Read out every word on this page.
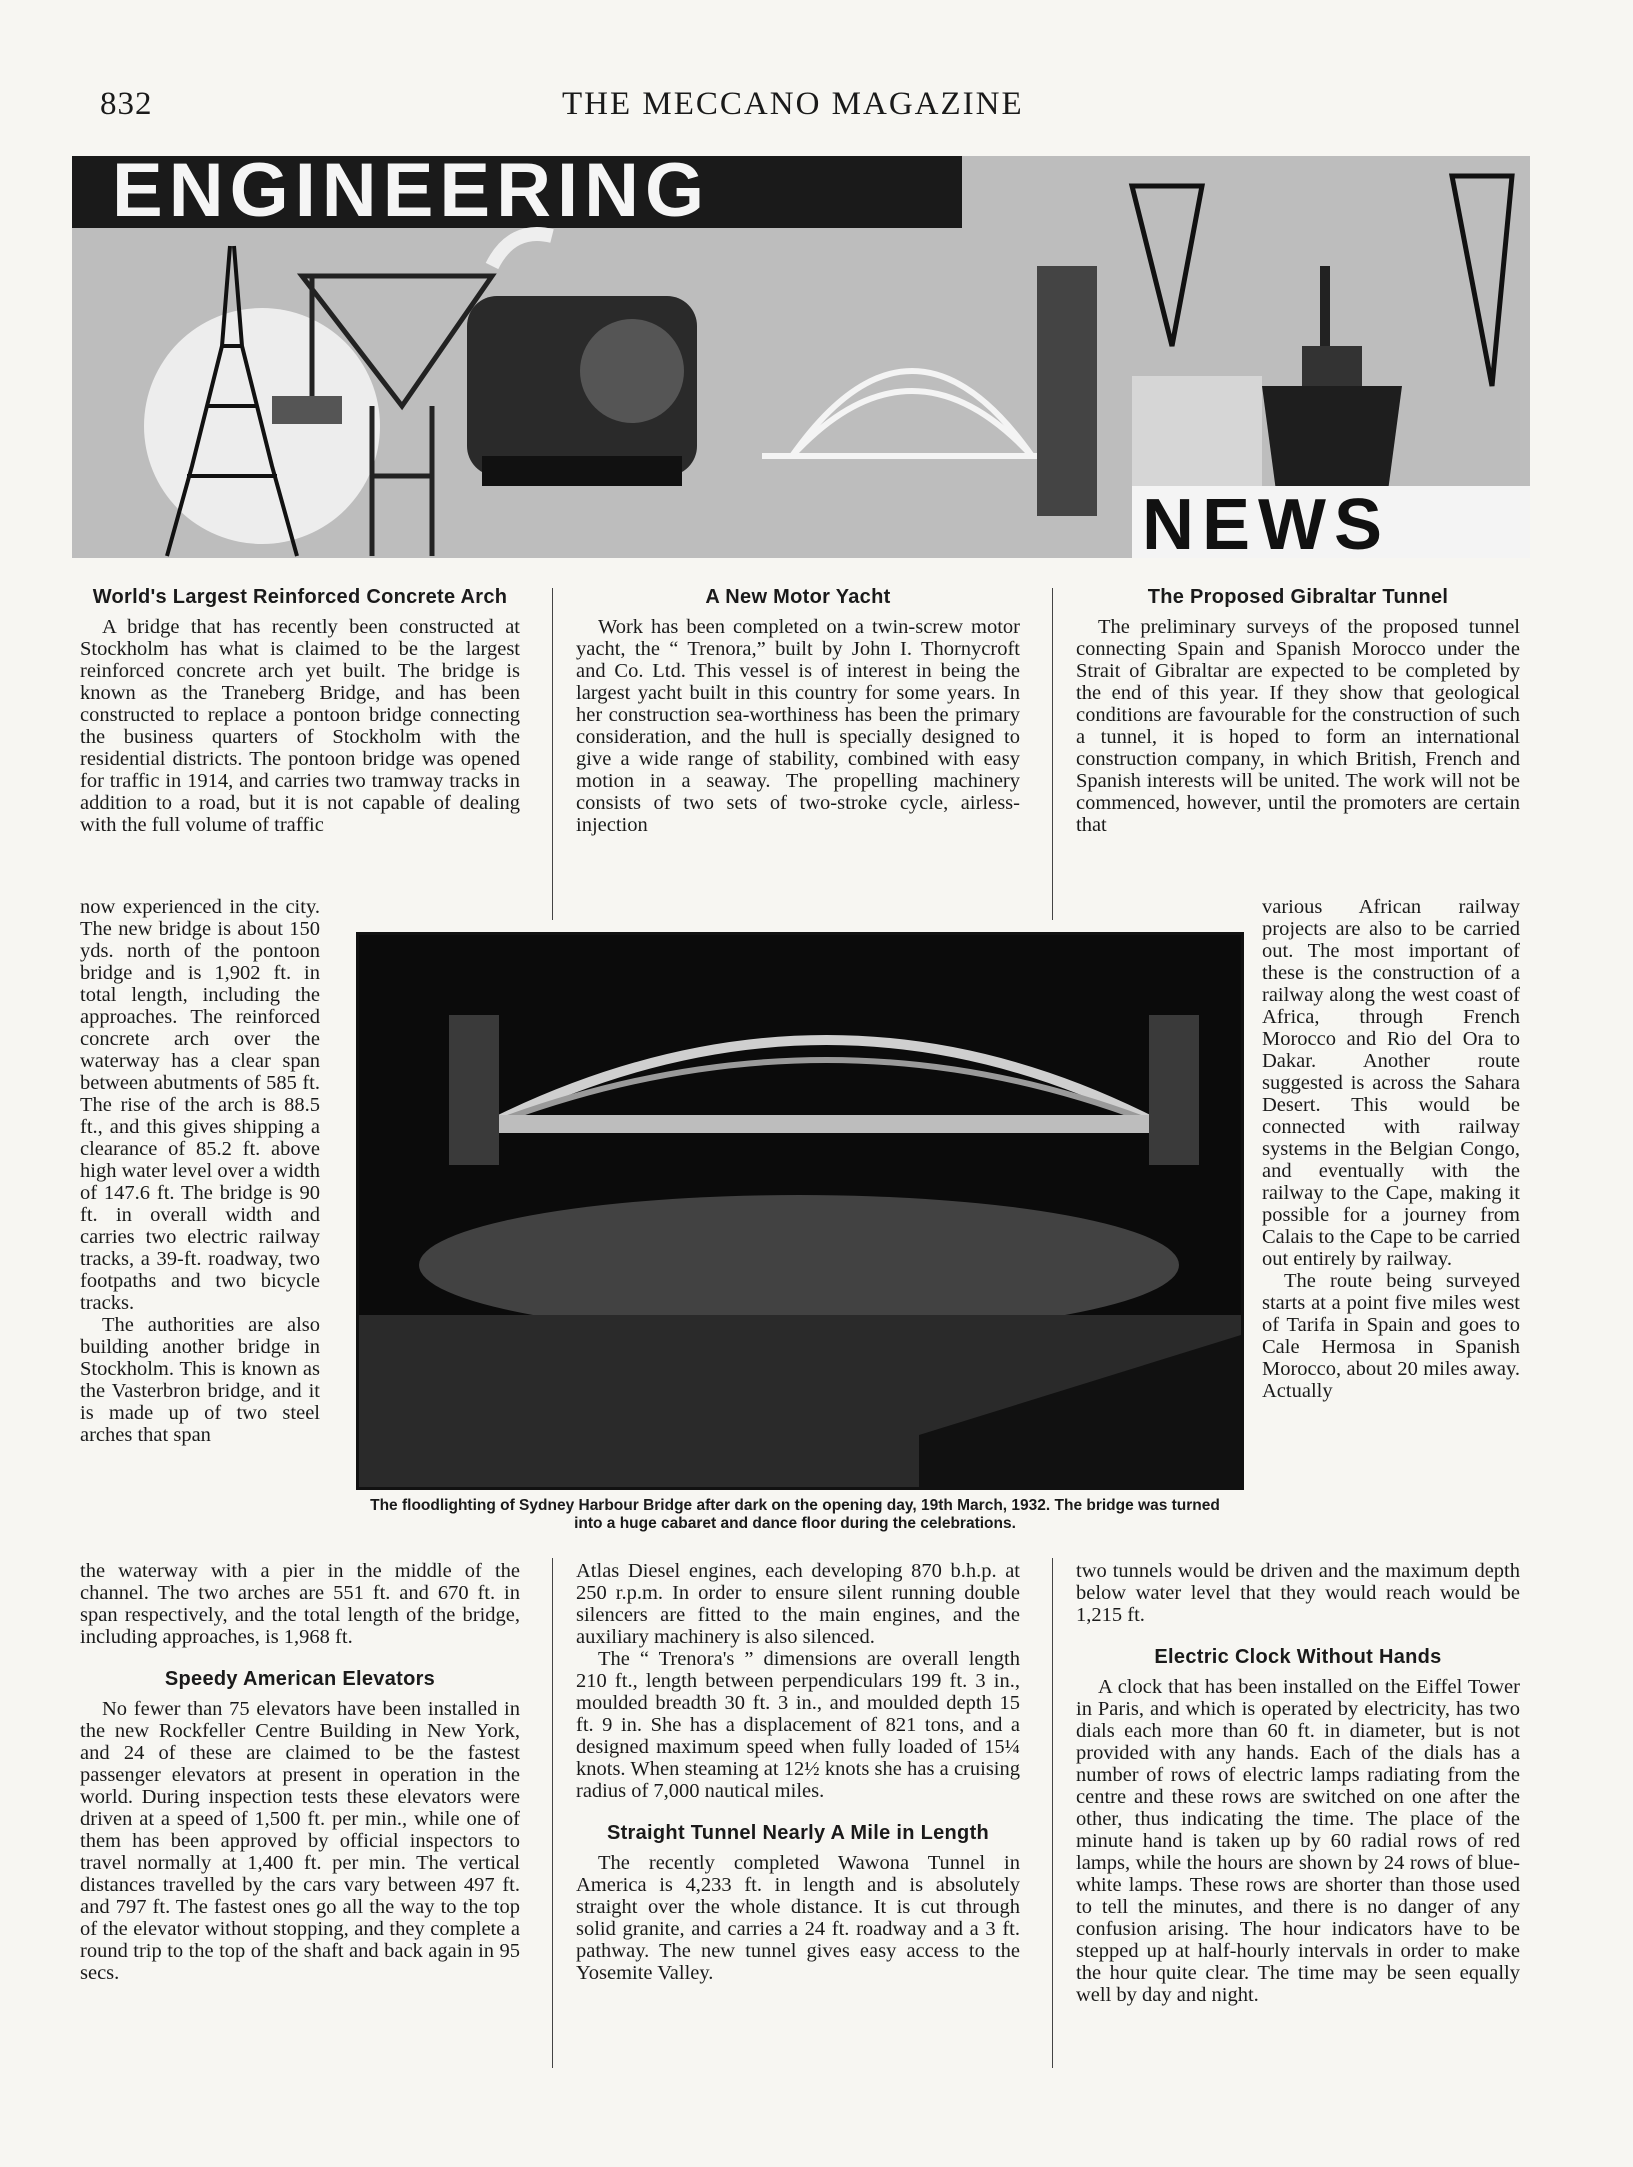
832	THE MECCANO MAGAZINE
ENGINEERING
NEWS
World's Largest Reinforced Concrete Arch

A bridge that has recently been constructed at Stockholm has what is claimed to be the largest reinforced concrete arch yet built. The bridge is known as the Traneberg Bridge, and has been constructed to replace a pontoon bridge connecting the business quarters of Stockholm with the residential districts. The pontoon bridge was opened for traffic in 1914, and carries two tramway tracks in addition to a road, but it is not capable of dealing with the full volume of traffic

now experienced in the city. The new bridge is about 150 yds. north of the pontoon bridge and is 1,902 ft. in total length, including the approaches. The reinforced concrete arch over the waterway has a clear span between abutments of 585 ft. The rise of the arch is 88.5 ft., and this gives shipping a clearance of 85.2 ft. above high water level over a width of 147.6 ft. The bridge is 90 ft. in overall width and carries two electric railway tracks, a 39-ft. roadway, two footpaths and two bicycle tracks.

The authorities are also building another bridge in Stockholm. This is known as the Vasterbron bridge, and it is made up of two steel arches that span

the waterway with a pier in the middle of the channel. The two arches are 551 ft. and 670 ft. in span respectively, and the total length of the bridge, including approaches, is 1,968 ft.

Speedy American Elevators

No fewer than 75 elevators have been installed in the new Rockfeller Centre Building in New York, and 24 of these are claimed to be the fastest passenger elevators at present in operation in the world. During inspection tests these elevators were driven at a speed of 1,500 ft. per min., while one of them has been approved by official inspectors to travel normally at 1,400 ft. per min. The vertical distances travelled by the cars vary between 497 ft. and 797 ft. The fastest ones go all the way to the top of the elevator without stopping, and they complete a round trip to the top of the shaft and back again in 95 secs.

A New Motor Yacht

Work has been completed on a twin-screw motor yacht, the “ Trenora,” built by John I. Thornycroft and Co. Ltd. This vessel is of interest in being the largest yacht built in this country for some years. In her construction sea-worthiness has been the primary consideration, and the hull is specially designed to give a wide range of stability, combined with easy motion in a seaway. The propelling machinery consists of two sets of two-stroke cycle, airless-injection

Atlas Diesel engines, each developing 870 b.h.p. at 250 r.p.m. In order to ensure silent running double silencers are fitted to the main engines, and the auxiliary machinery is also silenced.

The “ Trenora's ” dimensions are overall length 210 ft., length between perpendiculars 199 ft. 3 in., moulded breadth 30 ft. 3 in., and moulded depth 15 ft. 9 in. She has a displacement of 821 tons, and a designed maximum speed when fully loaded of 15¼ knots. When steaming at 12½ knots she has a cruising radius of 7,000 nautical miles.

Straight Tunnel Nearly A Mile in Length

The recently completed Wawona Tunnel in America is 4,233 ft. in length and is absolutely straight over the whole distance. It is cut through solid granite, and carries a 24 ft. roadway and a 3 ft. pathway. The new tunnel gives easy access to the Yosemite Valley.

The Proposed Gibraltar Tunnel

The preliminary surveys of the proposed tunnel connecting Spain and Spanish Morocco under the Strait of Gibraltar are expected to be completed by the end of this year. If they show that geological conditions are favourable for the construction of such a tunnel, it is hoped to form an international construction company, in which British, French and Spanish interests will be united. The work will not be commenced, however, until the promoters are certain that

various African railway projects are also to be carried out. The most important of these is the construction of a railway along the west coast of Africa, through French Morocco and Rio del Ora to Dakar. Another route suggested is across the Sahara Desert. This would be connected with railway systems in the Belgian Congo, and eventually with the railway to the Cape, making it possible for a journey from Calais to the Cape to be carried out entirely by railway.

The route being surveyed starts at a point five miles west of Tarifa in Spain and goes to Cale Hermosa in Spanish Morocco, about 20 miles away. Actually

two tunnels would be driven and the maximum depth below water level that they would reach would be 1,215 ft.

Electric Clock Without Hands

A clock that has been installed on the Eiffel Tower in Paris, and which is operated by electricity, has two dials each more than 60 ft. in diameter, but is not provided with any hands. Each of the dials has a number of rows of electric lamps radiating from the centre and these rows are switched on one after the other, thus indicating the time. The place of the minute hand is taken up by 60 radial rows of red lamps, while the hours are shown by 24 rows of blue-white lamps. These rows are shorter than those used to tell the minutes, and there is no danger of any confusion arising. The hour indicators have to be stepped up at half-hourly intervals in order to make the hour quite clear. The time may be seen equally well by day and night.

The floodlighting of Sydney Harbour Bridge after dark on the opening day, 19th March, 1932. The bridge was turned into a huge cabaret and dance floor during the celebrations.
